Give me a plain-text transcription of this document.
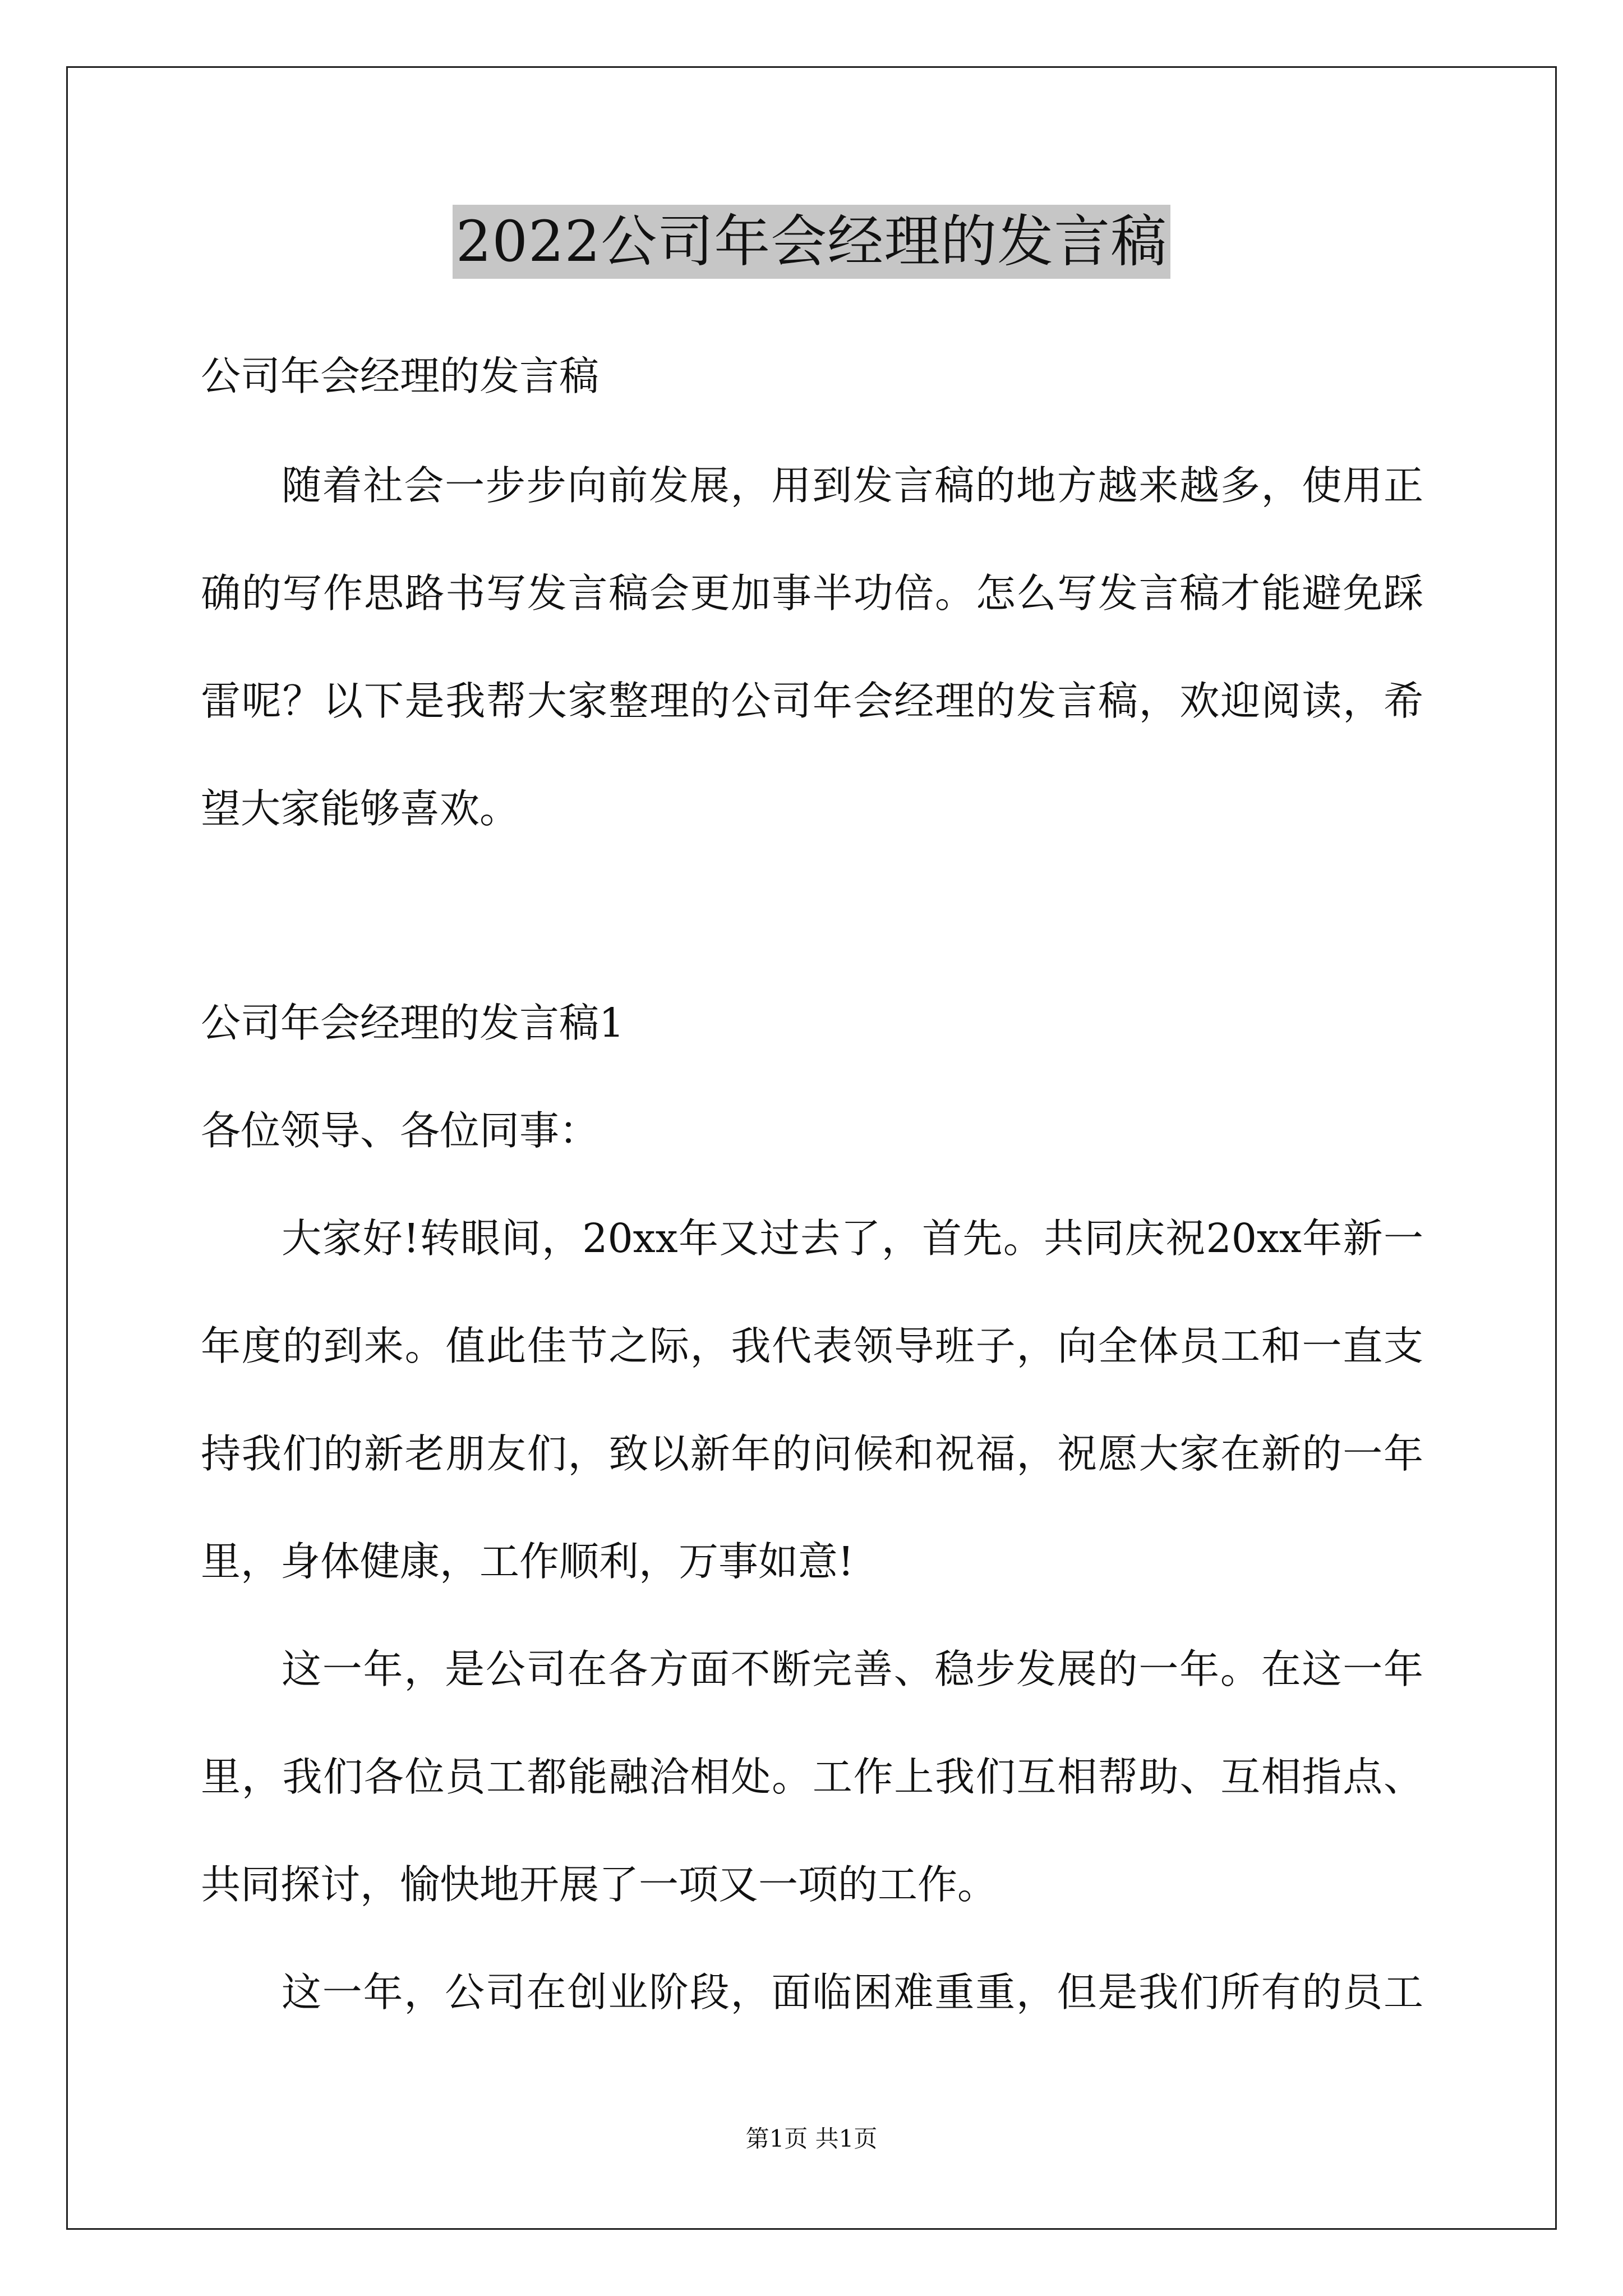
2022公司年会经理的发言稿
公司年会经理的发言稿
随着社会一步步向前发展，用到发言稿的地方越来越多，使用正
确的写作思路书写发言稿会更加事半功倍。怎么写发言稿才能避免踩
雷呢？以下是我帮大家整理的公司年会经理的发言稿，欢迎阅读，希
望大家能够喜欢。
公司年会经理的发言稿1
各位领导、各位同事：
大家好!转眼间，20xx年又过去了，首先。共同庆祝20xx年新一
年度的到来。值此佳节之际，我代表领导班子，向全体员工和一直支
持我们的新老朋友们，致以新年的问候和祝福，祝愿大家在新的一年
里，身体健康，工作顺利，万事如意!
这一年，是公司在各方面不断完善、稳步发展的一年。在这一年
里，我们各位员工都能融洽相处。工作上我们互相帮助、互相指点、
共同探讨，愉快地开展了一项又一项的工作。
这一年，公司在创业阶段，面临困难重重，但是我们所有的员工
第1页 共1页
